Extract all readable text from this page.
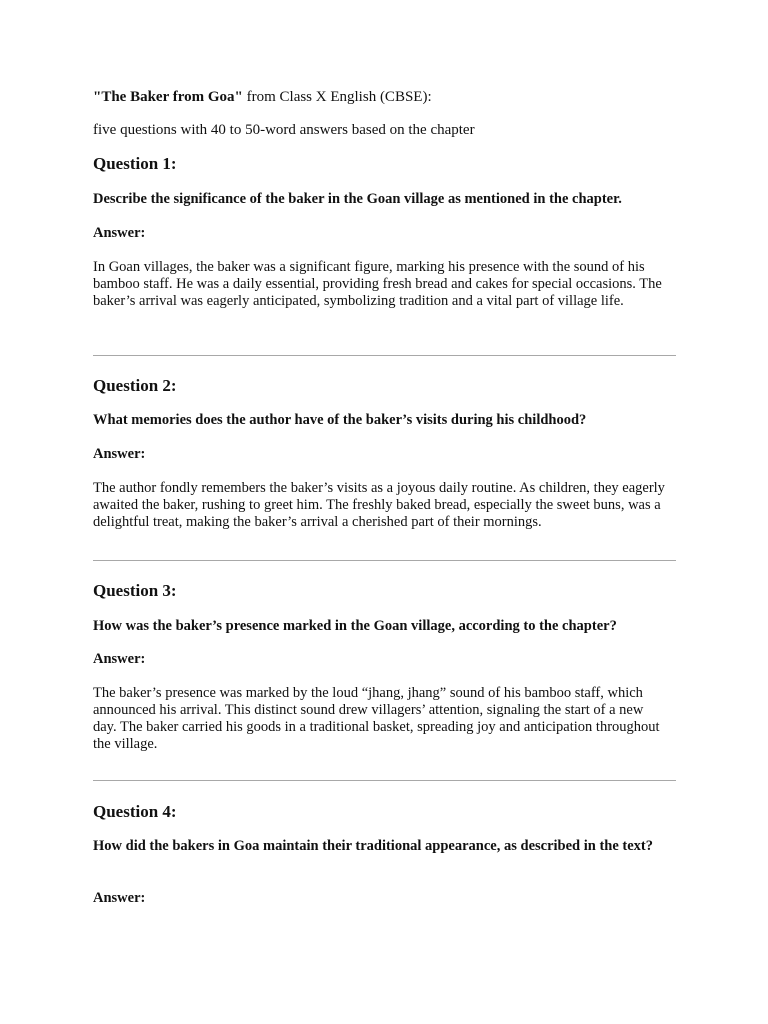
"The Baker from Goa" from Class X English (CBSE):

five questions with 40 to 50-word answers based on the chapter

Question 1:

Describe the significance of the baker in the Goan village as mentioned in the chapter.

Answer:

In Goan villages, the baker was a significant figure, marking his presence with the sound of his bamboo staff. He was a daily essential, providing fresh bread and cakes for special occasions. The baker’s arrival was eagerly anticipated, symbolizing tradition and a vital part of village life.

Question 2:

What memories does the author have of the baker’s visits during his childhood?

Answer:

The author fondly remembers the baker’s visits as a joyous daily routine. As children, they eagerly awaited the baker, rushing to greet him. The freshly baked bread, especially the sweet buns, was a delightful treat, making the baker’s arrival a cherished part of their mornings.

Question 3:

How was the baker’s presence marked in the Goan village, according to the chapter?

Answer:

The baker’s presence was marked by the loud “jhang, jhang” sound of his bamboo staff, which announced his arrival. This distinct sound drew villagers’ attention, signaling the start of a new day. The baker carried his goods in a traditional basket, spreading joy and anticipation throughout the village.

Question 4:

How did the bakers in Goa maintain their traditional appearance, as described in the text?

Answer:
